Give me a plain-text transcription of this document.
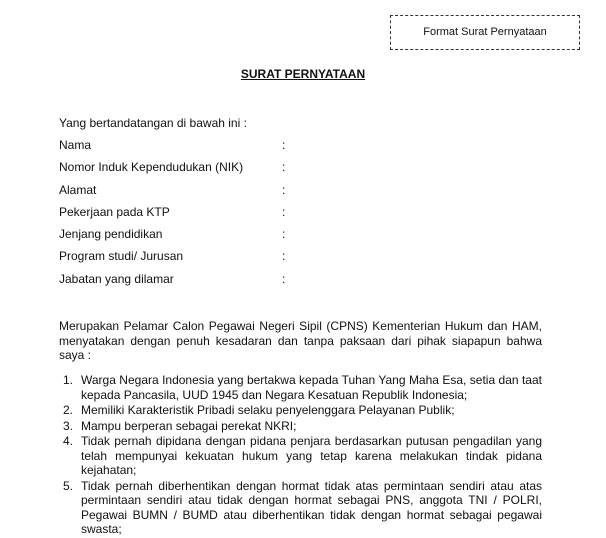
Format Surat Pernyataan
SURAT PERNYATAAN
Yang bertandatangan di bawah ini :
Nama	:
Nomor Induk Kependudukan (NIK)	:
Alamat	:
Pekerjaan pada KTP	:
Jenjang pendidikan	:
Program studi/ Jurusan	:
Jabatan yang dilamar	:
Merupakan Pelamar Calon Pegawai Negeri Sipil (CPNS) Kementerian Hukum dan HAM, menyatakan dengan penuh kesadaran dan tanpa paksaan dari pihak siapapun bahwa saya :
1. Warga Negara Indonesia yang bertakwa kepada Tuhan Yang Maha Esa, setia dan taat kepada Pancasila, UUD 1945 dan Negara Kesatuan Republik Indonesia;
2. Memiliki Karakteristik Pribadi selaku penyelenggara Pelayanan Publik;
3. Mampu berperan sebagai perekat NKRI;
4. Tidak pernah dipidana dengan pidana penjara berdasarkan putusan pengadilan yang telah mempunyai kekuatan hukum yang tetap karena melakukan tindak pidana kejahatan;
5. Tidak pernah diberhentikan dengan hormat tidak atas permintaan sendiri atau atas permintaan sendiri atau tidak dengan hormat sebagai PNS, anggota TNI / POLRI, Pegawai BUMN / BUMD atau diberhentikan tidak dengan hormat sebagai pegawai swasta;
